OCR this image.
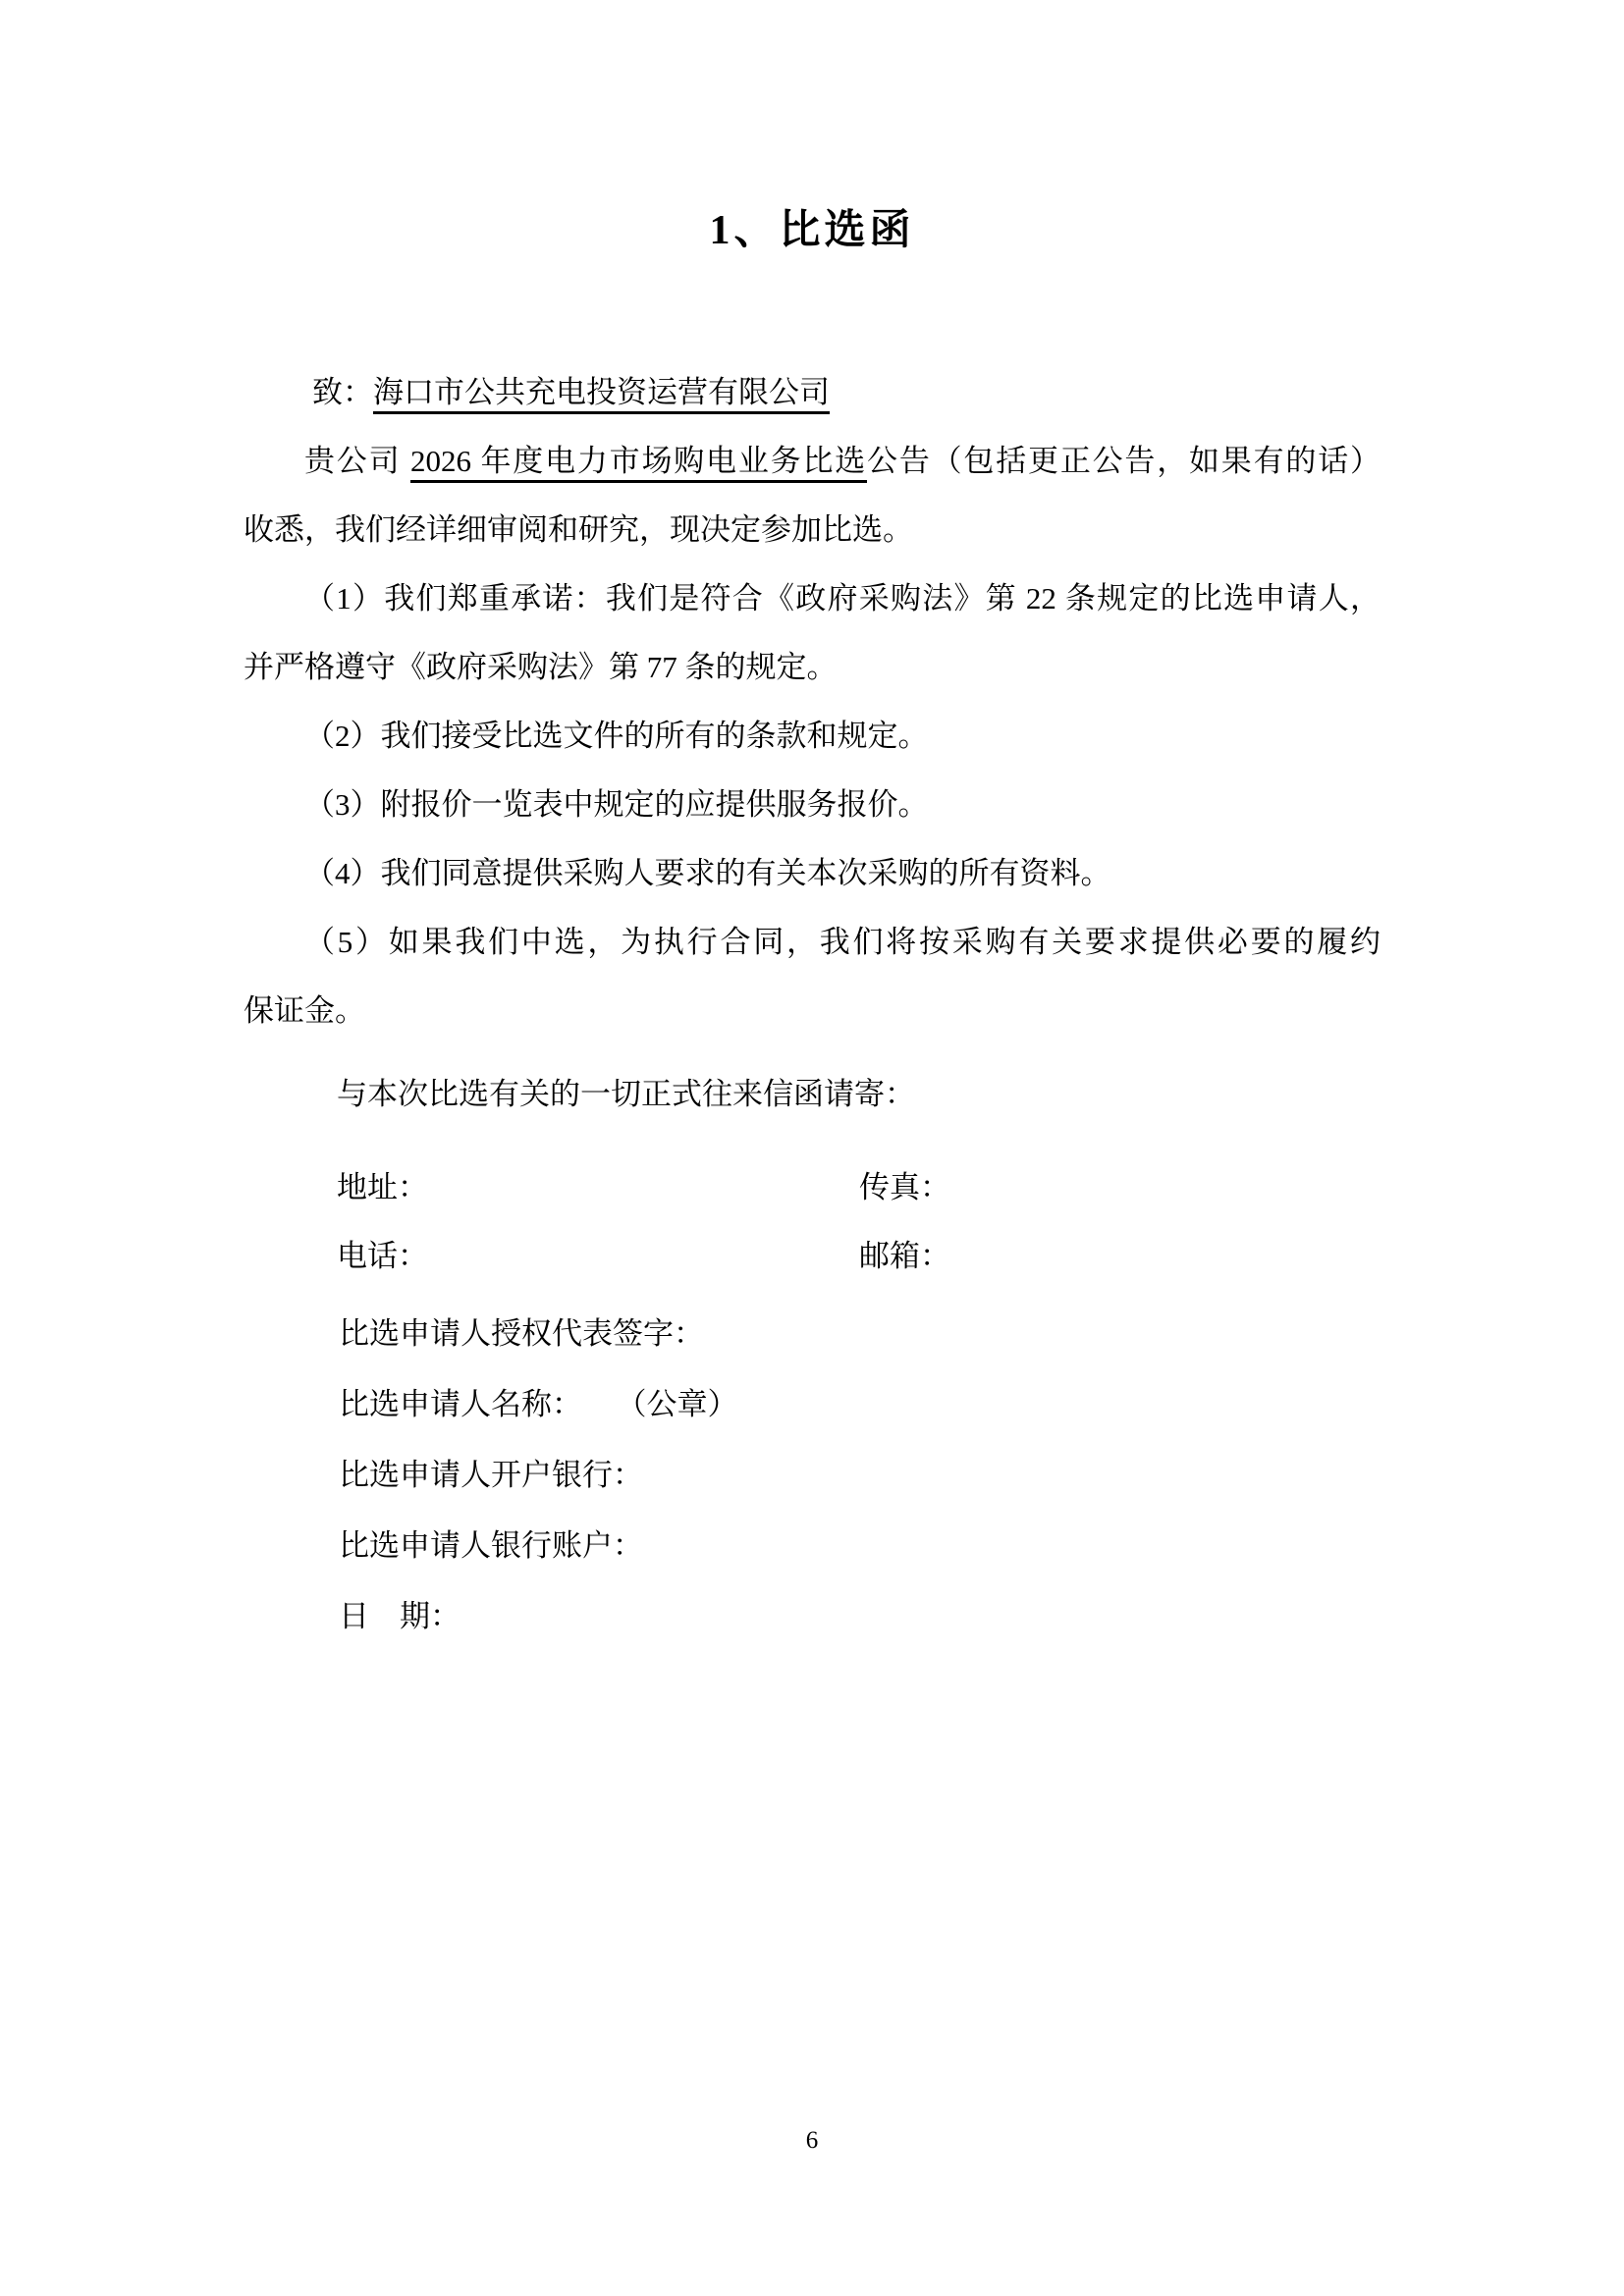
1、比选函

致：海口市公共充电投资运营有限公司

贵公司 2026 年度电力市场购电业务比选公告（包括更正公告，如果有的话）

收悉，我们经详细审阅和研究，现决定参加比选。

（1）我们郑重承诺：我们是符合《政府采购法》第 22 条规定的比选申请人，

并严格遵守《政府采购法》第 77 条的规定。

（2）我们接受比选文件的所有的条款和规定。

（3）附报价一览表中规定的应提供服务报价。

（4）我们同意提供采购人要求的有关本次采购的所有资料。

（5）如果我们中选，为执行合同，我们将按采购有关要求提供必要的履约

保证金。

与本次比选有关的一切正式往来信函请寄：

地址：	传真：
电话：	邮箱：

比选申请人授权代表签字：

比选申请人名称： （公章）

比选申请人开户银行：

比选申请人银行账户：

日　期：

6
